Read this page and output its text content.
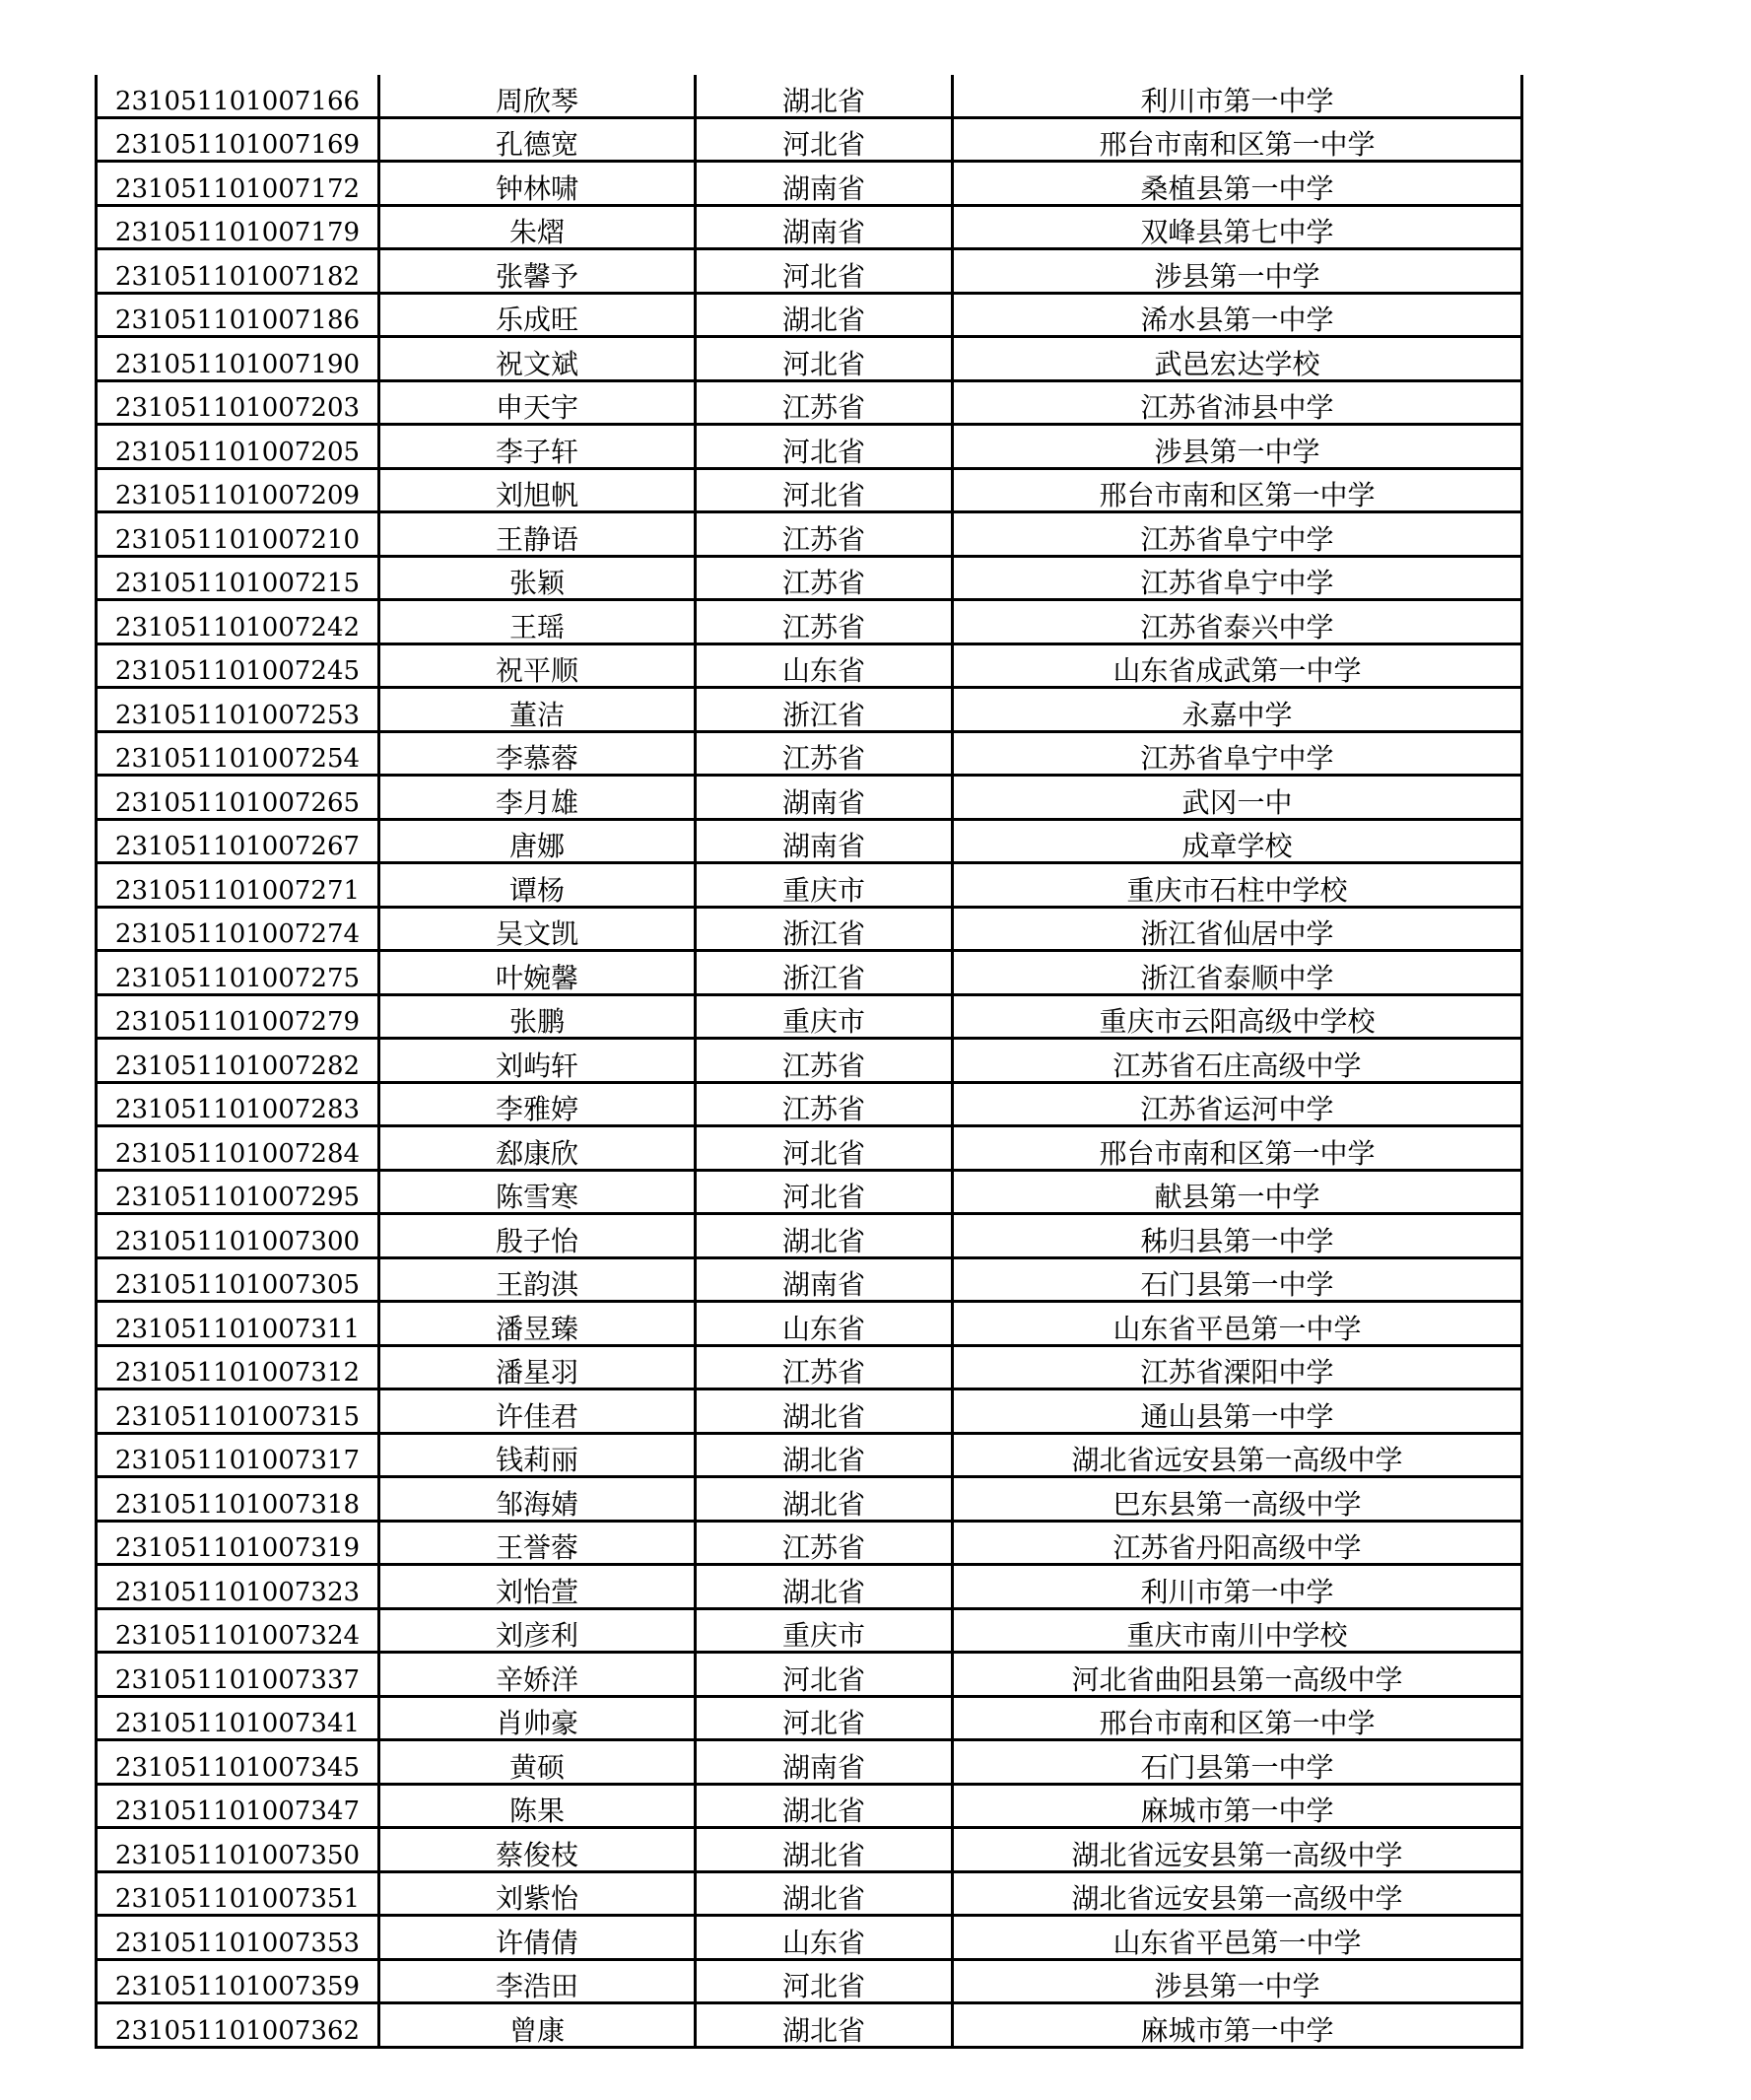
231051101007166	周欣琴	湖北省	利川市第一中学
231051101007169	孔德宽	河北省	邢台市南和区第一中学
231051101007172	钟林啸	湖南省	桑植县第一中学
231051101007179	朱熠	湖南省	双峰县第七中学
231051101007182	张馨予	河北省	涉县第一中学
231051101007186	乐成旺	湖北省	浠水县第一中学
231051101007190	祝文斌	河北省	武邑宏达学校
231051101007203	申天宇	江苏省	江苏省沛县中学
231051101007205	李子轩	河北省	涉县第一中学
231051101007209	刘旭帆	河北省	邢台市南和区第一中学
231051101007210	王静语	江苏省	江苏省阜宁中学
231051101007215	张颖	江苏省	江苏省阜宁中学
231051101007242	王瑶	江苏省	江苏省泰兴中学
231051101007245	祝平顺	山东省	山东省成武第一中学
231051101007253	董洁	浙江省	永嘉中学
231051101007254	李慕蓉	江苏省	江苏省阜宁中学
231051101007265	李月雄	湖南省	武冈一中
231051101007267	唐娜	湖南省	成章学校
231051101007271	谭杨	重庆市	重庆市石柱中学校
231051101007274	吴文凯	浙江省	浙江省仙居中学
231051101007275	叶婉馨	浙江省	浙江省泰顺中学
231051101007279	张鹏	重庆市	重庆市云阳高级中学校
231051101007282	刘屿轩	江苏省	江苏省石庄高级中学
231051101007283	李雅婷	江苏省	江苏省运河中学
231051101007284	郄康欣	河北省	邢台市南和区第一中学
231051101007295	陈雪寒	河北省	献县第一中学
231051101007300	殷子怡	湖北省	秭归县第一中学
231051101007305	王韵淇	湖南省	石门县第一中学
231051101007311	潘昱臻	山东省	山东省平邑第一中学
231051101007312	潘星羽	江苏省	江苏省溧阳中学
231051101007315	许佳君	湖北省	通山县第一中学
231051101007317	钱莉丽	湖北省	湖北省远安县第一高级中学
231051101007318	邹海婧	湖北省	巴东县第一高级中学
231051101007319	王誉蓉	江苏省	江苏省丹阳高级中学
231051101007323	刘怡萱	湖北省	利川市第一中学
231051101007324	刘彦利	重庆市	重庆市南川中学校
231051101007337	辛娇洋	河北省	河北省曲阳县第一高级中学
231051101007341	肖帅豪	河北省	邢台市南和区第一中学
231051101007345	黄硕	湖南省	石门县第一中学
231051101007347	陈果	湖北省	麻城市第一中学
231051101007350	蔡俊枝	湖北省	湖北省远安县第一高级中学
231051101007351	刘紫怡	湖北省	湖北省远安县第一高级中学
231051101007353	许倩倩	山东省	山东省平邑第一中学
231051101007359	李浩田	河北省	涉县第一中学
231051101007362	曾康	湖北省	麻城市第一中学
